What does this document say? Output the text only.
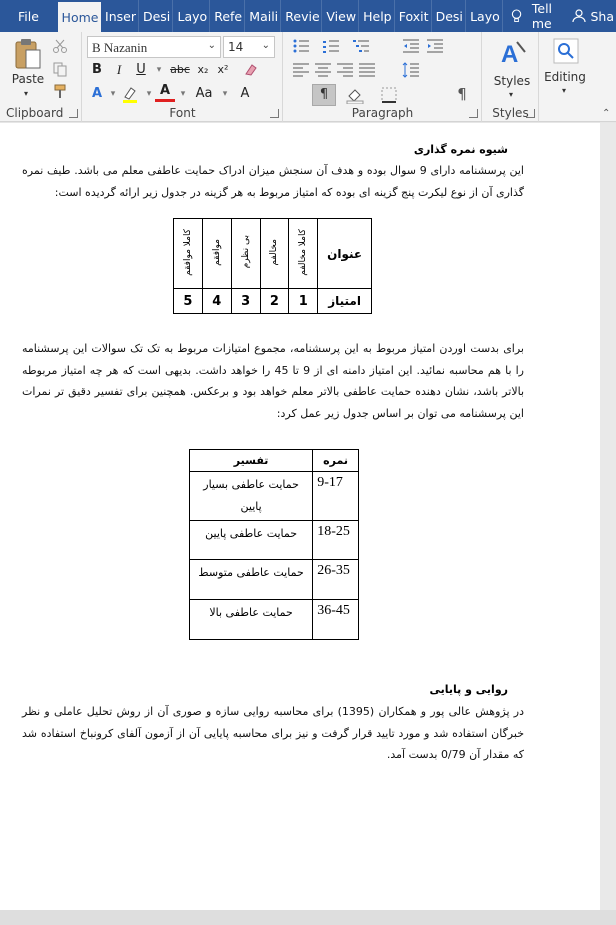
File Home Inser Desi Layo Refe Maili Revie View Help Foxit Desi Layo	Tell me	Sha
Paste
▾
Clipboard
B Nazanin	⌄	14 ⌄
B	I	U	▾ abc x₂ x²
A ▾	▾ A	▾ Aa	▾	A
Font
¶	¶
Paragraph
A
Styles
▾
Styles
Editing
▾
⌃
شیوه نمره گذاری
این پرسشنامه دارای 9 سوال بوده و هدف آن سنجش میزان ادراک حمایت عاطفی معلم می باشد. طیف نمره گذاری آن از نوع لیکرت پنج گزینه ای بوده که امتیاز مربوط به هر گزینه در جدول زیر ارائه گردیده است:
عنوان	کاملا مخالفم	مخالفم	بی نظرم	موافقم	کاملا موافقم
امتیاز	1	2	3	4	5
برای بدست اوردن امتیاز مربوط به این پرسشنامه، مجموع امتیازات مربوط به تک تک سوالات این پرسشنامه را با هم محاسبه نمائید. این امتیاز دامنه ای از 9 تا 45 را خواهد داشت. بدیهی است که هر چه امتیاز مربوطه بالاتر باشد، نشان دهنده حمایت عاطفی بالاتر معلم خواهد بود و برعکس. همچنین برای تفسیر دقیق تر نمرات این پرسشنامه می توان بر اساس جدول زیر عمل کرد:
نمره	تفسیر
9-17	حمایت عاطفی بسیار پایین
18-25	حمایت عاطفی پایین
26-35	حمایت عاطفی متوسط
36-45	حمایت عاطفی بالا
روایی و پایایی
در پژوهش عالی پور و همکاران (1395) برای محاسبه روایی سازه و صوری آن از روش تحلیل عاملی و نظر خبرگان استفاده شد و مورد تایید قرار گرفت و نیز برای محاسبه پایایی آن از آزمون آلفای کرونباخ استفاده شد که مقدار آن 0/79 بدست آمد.
